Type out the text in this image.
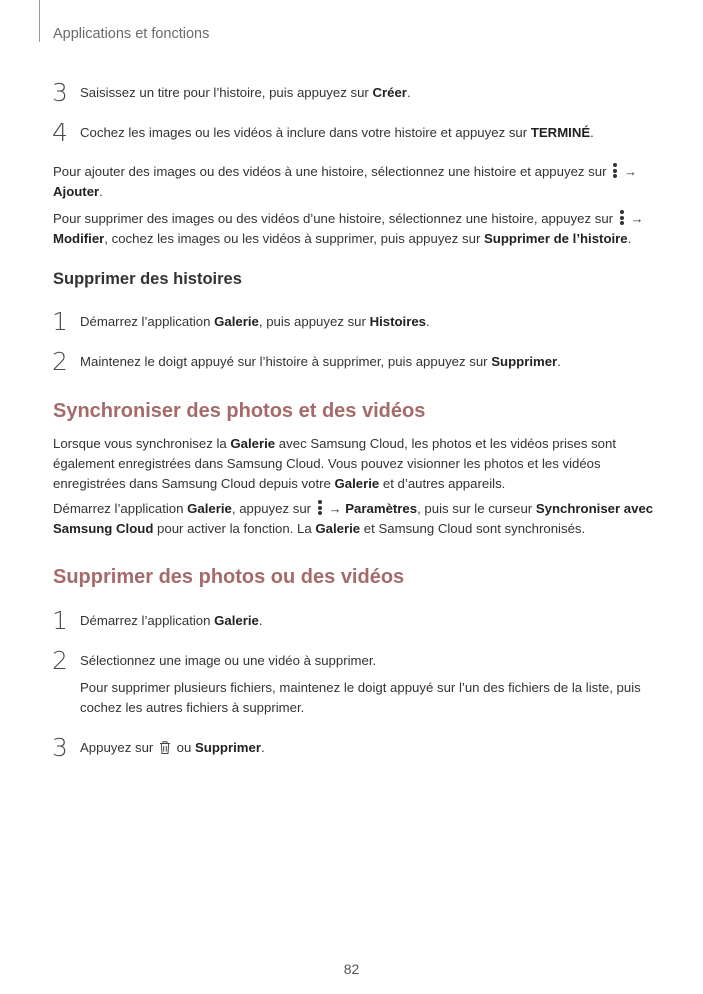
Applications et fonctions
3 Saisissez un titre pour l’histoire, puis appuyez sur Créer.
4 Cochez les images ou les vidéos à inclure dans votre histoire et appuyez sur TERMINÉ.
Pour ajouter des images ou des vidéos à une histoire, sélectionnez une histoire et appuyez sur →
Ajouter.
Pour supprimer des images ou des vidéos d’une histoire, sélectionnez une histoire, appuyez sur →
Modifier, cochez les images ou les vidéos à supprimer, puis appuyez sur Supprimer de l’histoire.
Supprimer des histoires
1 Démarrez l’application Galerie, puis appuyez sur Histoires.
2 Maintenez le doigt appuyé sur l’histoire à supprimer, puis appuyez sur Supprimer.
Synchroniser des photos et des vidéos
Lorsque vous synchronisez la Galerie avec Samsung Cloud, les photos et les vidéos prises sont
également enregistrées dans Samsung Cloud. Vous pouvez visionner les photos et les vidéos
enregistrées dans Samsung Cloud depuis votre Galerie et d’autres appareils.
Démarrez l’application Galerie, appuyez sur → Paramètres, puis sur le curseur Synchroniser avec
Samsung Cloud pour activer la fonction. La Galerie et Samsung Cloud sont synchronisés.
Supprimer des photos ou des vidéos
1 Démarrez l’application Galerie.
2 Sélectionnez une image ou une vidéo à supprimer.
Pour supprimer plusieurs fichiers, maintenez le doigt appuyé sur l’un des fichiers de la liste, puis
cochez les autres fichiers à supprimer.
3 Appuyez sur ou Supprimer.
82
